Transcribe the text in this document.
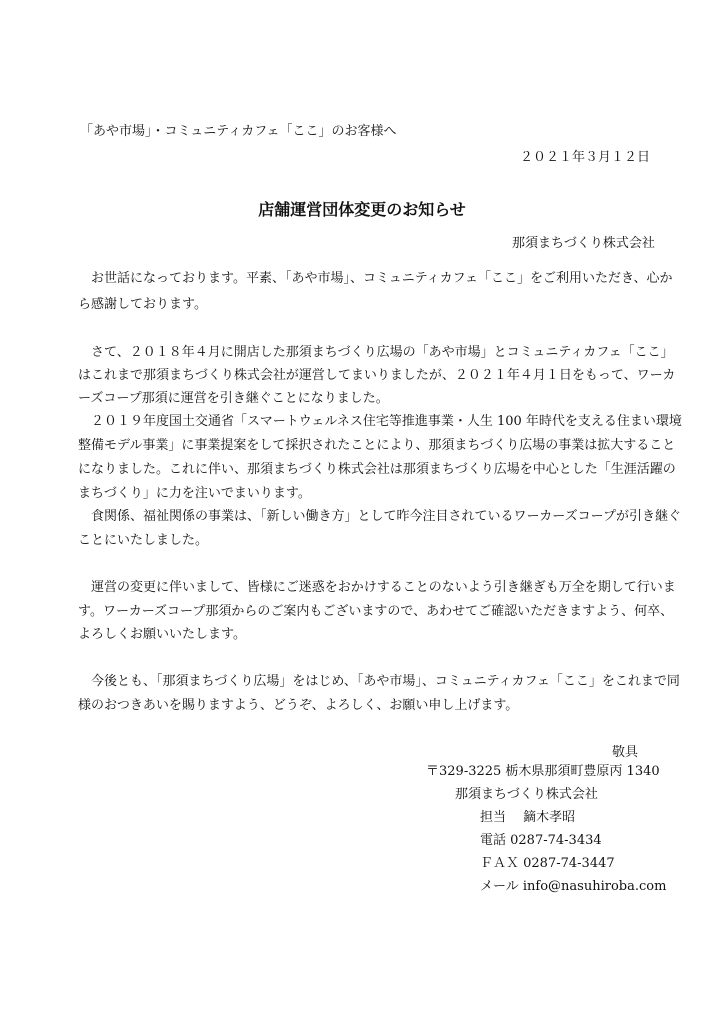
「あや市場」・コミュニティカフェ「ここ」のお客様へ
２０２１年３月１２日
店舗運営団体変更のお知らせ
那須まちづくり株式会社
　お世話になっております。平素、「あや市場」、コミュニティカフェ「ここ」をご利用いただき、心か
ら感謝しております。
　さて、２０１８年４月に開店した那須まちづくり広場の「あや市場」とコミュニティカフェ「ここ」
はこれまで那須まちづくり株式会社が運営してまいりましたが、２０２１年４月１日をもって、ワーカ
ーズコープ那須に運営を引き継ぐことになりました。
　２０１９年度国土交通省「スマートウェルネス住宅等推進事業・人生 100 年時代を支える住まい環境
整備モデル事業」に事業提案をして採択されたことにより、那須まちづくり広場の事業は拡大すること
になりました。これに伴い、那須まちづくり株式会社は那須まちづくり広場を中心とした「生涯活躍の
まちづくり」に力を注いでまいります。
　食関係、福祉関係の事業は、「新しい働き方」として昨今注目されているワーカーズコープが引き継ぐ
ことにいたしました。
　運営の変更に伴いまして、皆様にご迷惑をおかけすることのないよう引き継ぎも万全を期して行いま
す。ワーカーズコープ那須からのご案内もございますので、あわせてご確認いただきますよう、何卒、
よろしくお願いいたします。
　今後とも、「那須まちづくり広場」をはじめ、「あや市場」、コミュニティカフェ「ここ」をこれまで同
様のおつきあいを賜りますよう、どうぞ、よろしく、お願い申し上げます。
敬具
〒329-3225 栃木県那須町豊原丙 1340
那須まちづくり株式会社
担当　 鏑木孝昭
電話 0287-74-3434
ＦＡＸ 0287-74-3447
メール info@nasuhiroba.com
